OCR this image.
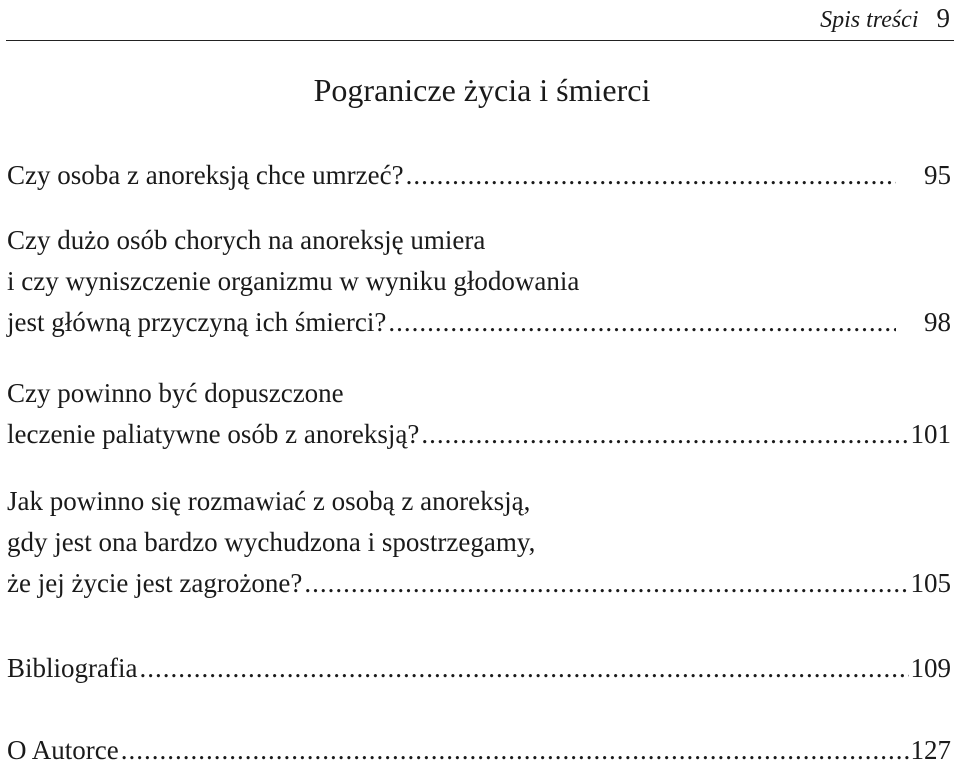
Spis treści 9
Pogranicze życia i śmierci
Czy osoba z anoreksją chce umrzeć? .....	95
Czy dużo osób chorych na anoreksję umiera
i czy wyniszczenie organizmu w wyniku głodowania
jest główną przyczyną ich śmierci? .....	98
Czy powinno być dopuszczone
leczenie paliatywne osób z anoreksją? .....	101
Jak powinno się rozmawiać z osobą z anoreksją,
gdy jest ona bardzo wychudzona i spostrzegamy,
że jej życie jest zagrożone? .....	105
Bibliografia .....	109
O Autorce .....	127
